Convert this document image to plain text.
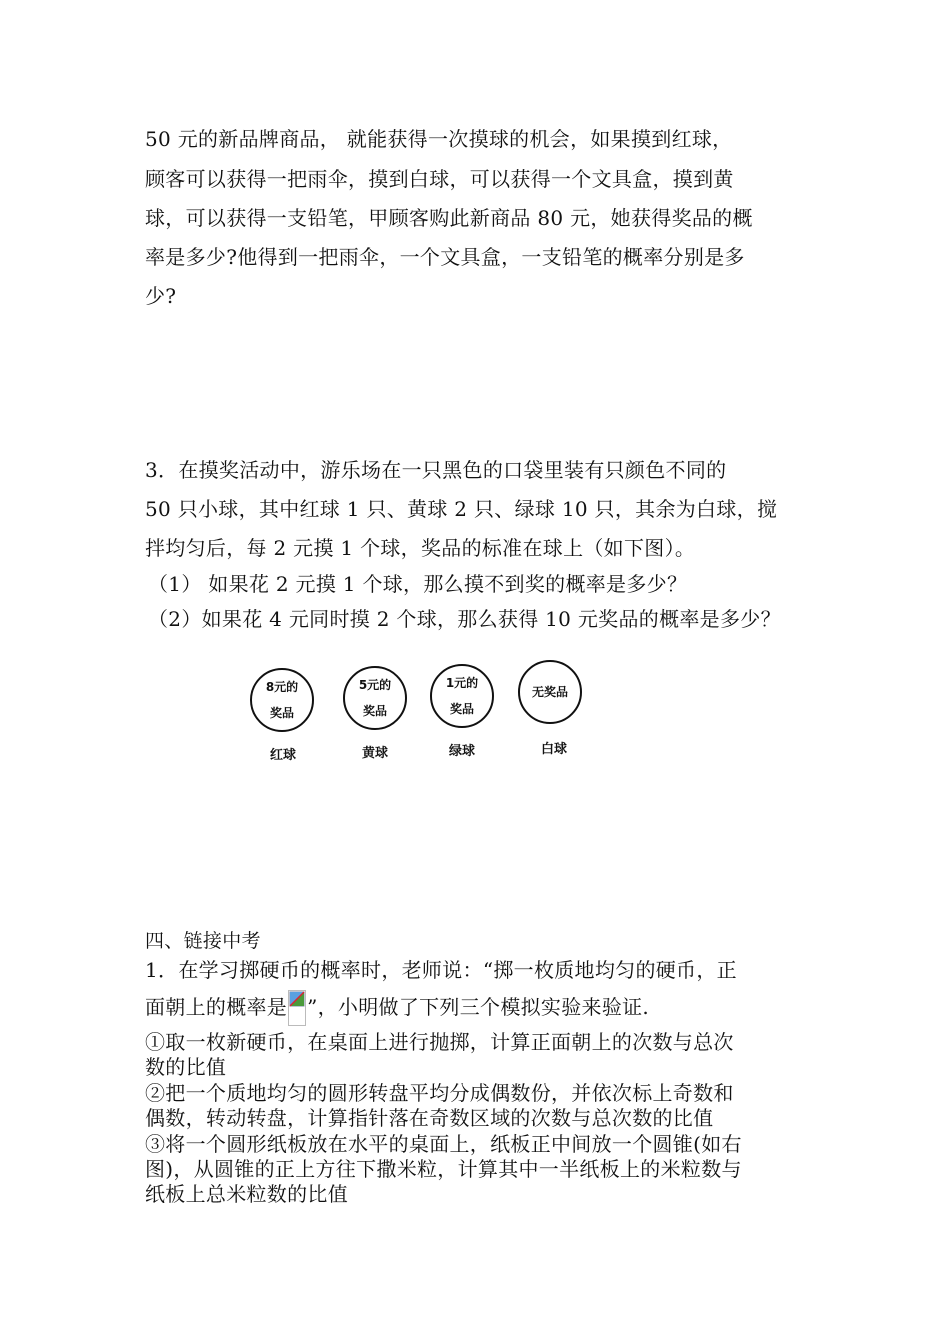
50 元的新品牌商品， 就能获得一次摸球的机会，如果摸到红球，
顾客可以获得一把雨伞，摸到白球，可以获得一个文具盒，摸到黄
球，可以获得一支铅笔，甲顾客购此新商品 80 元，她获得奖品的概
率是多少?他得到一把雨伞，一个文具盒，一支铅笔的概率分别是多
少?
3．在摸奖活动中，游乐场在一只黑色的口袋里装有只颜色不同的
50 只小球，其中红球 1 只、黄球 2 只、绿球 10 只，其余为白球，搅
拌均匀后，每 2 元摸 1 个球，奖品的标准在球上（如下图）。
（1） 如果花 2 元摸 1 个球，那么摸不到奖的概率是多少？
（2）如果花 4 元同时摸 2 个球，那么获得 10 元奖品的概率是多少？
8元的
奖品
红球
5元的
奖品
黄球
1元的
奖品
绿球
无奖品
白球
四、链接中考
1．在学习掷硬币的概率时，老师说：“掷一枚质地均匀的硬币，正
面朝上的概率是 ”，小明做了下列三个模拟实验来验证.
①取一枚新硬币，在桌面上进行抛掷，计算正面朝上的次数与总次
数的比值
②把一个质地均匀的圆形转盘平均分成偶数份，并依次标上奇数和
偶数，转动转盘，计算指针落在奇数区域的次数与总次数的比值
③将一个圆形纸板放在水平的桌面上，纸板正中间放一个圆锥(如右
图)，从圆锥的正上方往下撒米粒，计算其中一半纸板上的米粒数与
纸板上总米粒数的比值
